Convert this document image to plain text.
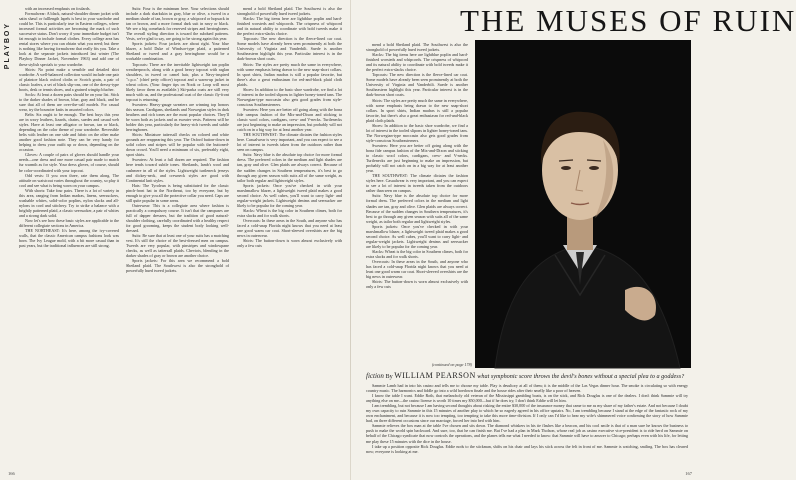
PLAYBOY

with an increased emphasis on foulards.

Formalwear: A black, natural-shoulder dinner jacket with satin shawl or fulllength lapels is best in your wardrobe and could be. This is particularly true in Eastern colleges, where increased formal activities are becoming the mark of such successive status. Don't worry if your immediate budget isn't fat enough to include formal clothes. Every college area has rental stores where you can obtain what you need; but there is nothing like having formalwear that really fits you. Take a look at the separate jackets introduced last winter (The Playboy Dinner Jacket, November 1963) and add one of these stylish specials to your wardrobe.

Shirts: No point make a sensible and detailed shirt wardrobe. A well-balanced collection would include one pair of plaintoe black oxford cloths or Scotch grain, a pair of classic loafers, a set of black slip-ons, one of the dressy-type boots, desk or tennis shoes, and a grained wingtip blucher.

Socks: At least a dozen pairs should be on your list. Stick to the darker shades of brown, blue, gray and black, and be sure that all of them are over-the-calf models. For casual wear, try the bouncier knits in assorted colors.

Belts: Six ought to be enough. The best buys this year are in wavy leathers, lizards, chains, suedes and casual web styles. Have at least one alligator or brown, tan or black, depending on the color theme of your wardrobe. Reversible belts with leather on one side and fabric on the other make another good fashion note. They can be very handy for helping to dress your outfit up or down, depending on the occasion.

Gloves: A couple of pairs of gloves should handle your needs—one dress and one more casual pair made to match fur warmth as for style. Your dress gloves, of course, should be color-coordinated with your topcoat.

Odd vests: If you own three, rate them along. The attitude on waistcoat varies throughout the country, so play it cool and see what is being worn on your campus.

With shorts: Take four pairs. There is a lot of variety in this area, ranging from Indian madras, linens, seersuckers, washable whites, solid-color poplins, nylon slacks and all-nylons in cord and stitchery. Try to strike a balance with a brightly patterned plaid, a classic seersucker, a pair of whites and a strong dark solid.

Now let's see how these basic styles are applicable to the different collegiate sections in America.

THE NORTHEAST: It's here, among the ivy-covered walls, that the classic American campus fashions look was born. The Ivy League mold, with a bit more casual than in past years, but the traditional influences are still strong.

Suits: Four is the minimum here. Your selections should include a dark sharkskin in gray, blue or olive, a tweed in a medium shade of tan, brown or gray, a whipcord or hopsack in tan or brown, and a more formal dark suit in navy or black. We see a big comeback for reserved stripes and herringbones. The overall styling direction is toward the subdued patterns. Vests, we're glad to say, are going to be strong again this year.

Sports jackets: Four jackets are about right. Your blue blazer, a bold Duke of Windsor-type plaid, a patterned Shetland or tweed and a gray herringbone would be a workable combination.

Topcoats: There are the inevitable lightweight tan poplin weatherproofs, along with a good heavy topcoat with raglan shoulders, in tweed or camel hair, plus a Navy-inspired "c.p.o." (chief petty officer) topcoat and a warm-up jacket in wheat colors. (Your finger tips on Nook or Loop will most likely favor them as available.) Ski-parka coats are still very much with us, and the professional coat of the classic fly-front topcoat is returning.

Sweaters: Heavy-gauge sweaters are winning top honors this season. Cardigans, shetlands and Norwegian styles in dark heathers and rich tones are the most popular choices. They'll be worn both as jackets and as sweater vests. Patterns will be bolder this year, particularly the heavy-rich tweeds and subtle herringbones.

Shirts: Miniature tattersall checks on colored and white grounds are reappearing this year. The Oxford button-down in solid colors and stripes will be popular with the buttoned-down crowd. You'll need a minimum of six, preferably eight, sport shirts.

Sweaters: At least a full dozen are required. The fashion here tends toward subtle tones. Shetlands, lamb's wool and cashmere in all of the styles. Lightweight turtleneck jerseys and dickey-neck, and crewneck styles are good with Continental knit styles.

Hats: The Tyrolean is being substituted for the classic pinch-front hat in the Northeast, too by everyone, but by enough to give you all the protective collar you need. Caps are still quite popular in some areas.

Outerwear: This is a collegiate area where fashion is practically a compulsory course. It isn't that the campuses are full of dapper dressers, but the tradition of good natural-shoulder clothing, carefully coordinated with a healthy respect for good grooming, keeps the student body looking well-dressed.

Suits: Be sure that at least one of your suits has a matching vest. It's still the choice of the best-dressed men on campus. Tweeds are very popular, with pinstripes and windowpane checks, as well as tattersall plaids. Cheviots, blending in the darker shades of gray or brown are another choice.

Sports jackets: For this area we recommend a bold Shetland plaid. The Southwest is also the stronghold of powerfully hued tweed jackets.

mend a bold Shetland plaid. The Southwest is also the stronghold of powerfully hued tweed jackets.

Slacks: The big items here are lightblue poplin and hard-finished worsteds and whipcords. The crispness of whipcord and its natural ability to coordinate with bold tweeds make it the perfect extra-slacks choice.

Topcoats: The new direction is the fleece-lined car coat. Some models have already been seen prominently at both the University of Virginia and Vanderbilt. Suede is another Southeastern highlight this year. Particular interest is in the dark-brown short coats.

Shirts: The styles are pretty much the same in everywhere, with some emphasis being drawn to the new snap-short collars. In sport shirts, Indian madras is still a popular favorite, but there's also a great enthusiasm for red-and-black plaid cloth plaids.

Shoes: In addition to the basic shoe wardrobe, we find a lot of interest in the tooled slipons in lighter honey-toned tans. The Norwegian-type moccasin also gets good grades from style-conscious Southeasterners.

Sweaters: Here you are better off going along with the bona fide campus fashion of the Mix-and-Dixon and sticking to classic wool colors, cardigans, crew- and V-necks. Turtlenecks are just beginning to make an impression, but probably will not catch on in a big way for at least another year.

THE SOUTHWEST: The climate dictates the fashion styles here. Casualwear is very important, and you can expect to see a lot of interest in tweeds taken from the outdoors rather than seen on campus.

Suits: Navy blue is the absolute top choice for more formal dress. The preferred colors in the medium and light shades are tan, gray and olive. Glen plaids are always correct. Because of the sudden changes in Southern temperatures, it's best to go through any given season with suits all of the same weight, as tailor both regular and lightweight styles.

Sports jackets: Once you've checked in with your marshmallow blazer, a lightweight tweed plaid makes a good second choice. As well cubes, you'll want to carry light- and regular-weight jackets. Lightweight denims and seersucker are likely to be popular for the coming year.

Slacks: Wheat is the big color in Southern climes, both for extra slacks and for walk shorts.

Overcoats: In these areas in the South, and anyone who has faced a cold-snap Florida night knows that you need at least one good warm car coat. Short-sleeved overshirts are the big news in outerwear.

Shirts: The button-down is worn almost exclusively with only a few cuts

THE MUSES OF RUIN

mend a bold Shetland plaid. The Southwest is also the stronghold of powerfully hued tweed jackets.

Slacks: The big items here are lightblue poplin and hard-finished worsteds and whipcords. The crispness of whipcord and its natural ability to coordinate with bold tweeds make it the perfect extra-slacks choice.

Topcoats: The new direction is the fleece-lined car coat. Some models have already been seen prominently at both the University of Virginia and Vanderbilt. Suede is another Southeastern highlight this year. Particular interest is in the dark-brown short coats.

Shirts: The styles are pretty much the same in everywhere, with some emphasis being drawn to the new snap-short collars. In sport shirts, Indian madras is still a popular favorite, but there's also a great enthusiasm for red-and-black plaid cloth plaids.

Shoes: In addition to the basic shoe wardrobe, we find a lot of interest in the tooled slipons in lighter honey-toned tans. The Norwegian-type moccasin also gets good grades from style-conscious Southeasterners.

Sweaters: Here you are better off going along with the bona fide campus fashion of the Mix-and-Dixon and sticking to classic wool colors, cardigans, crew- and V-necks. Turtlenecks are just beginning to make an impression, but probably will not catch on in a big way for at least another year.

THE SOUTHWEST: The climate dictates the fashion styles here. Casualwear is very important, and you can expect to see a lot of interest in tweeds taken from the outdoors rather than seen on campus.

Suits: Navy blue is the absolute top choice for more formal dress. The preferred colors in the medium and light shades are tan, gray and olive. Glen plaids are always correct. Because of the sudden changes in Southern temperatures, it's best to go through any given season with suits all of the same weight, as tailor both regular and lightweight styles.

Sports jackets: Once you've checked in with your marshmallow blazer, a lightweight tweed plaid makes a good second choice. As well cubes, you'll want to carry light- and regular-weight jackets. Lightweight denims and seersucker are likely to be popular for the coming year.

Slacks: Wheat is the big color in Southern climes, both for extra slacks and for walk shorts.

Overcoats: In these areas in the South, and anyone who has faced a cold-snap Florida night knows that you need at least one good warm car coat. Short-sleeved overshirts are the big news in outerwear.

Shirts: The button-down is worn almost exclusively with only a few cuts

(continued on page 178)
fiction By WILLIAM PEARSON what symphonic score throws the devil's bones without a special plea to a goddess?

Sammie Lamb had in into his casino and tells me to choose my table. Play is desultory at all of them; it is the middle of the Las Vegas dinner hour. The smoke is circulating so with energy country music. The harmonics and fiddle go into a wild hoedown finale and the house rides after their smelly like a poor of heaven.

I know the table I want. Eddie Roth, that melancholy old veteran of the Mississippi gambling boats, is on the stick, and Rick Douglas is one of the dealers. I don't think Sammie will try anything else on me—the casino license is worth 10 times my $50,000—but if he does try, I don't think Eddie will let him.

I am trembling, but not because I am having second thoughts about risking the entire $30,000 of the insurance money that came to me as my share of my father's estate. And not because I doubt my own capacity to ruin Sammie in this 15 minutes of another play to which he so eagerly agreed in his office upstairs. No, I am trembling because I stand at the edge of the fantastic rock of my own enchantment, and because it is now too tempting, too tempting to take this more time-division. If I only can I'd like to hear my wife's shimmered voice confirming the story of how Sammie had, on three different occasions since our marriage, forced her into bed with him.

Sammie relieves the box man at the table I've chosen and sits down. The diamond whiskers in his tie flashes like a beacon, and his cool smile is that of a man sure he knows the business to push to make the world spin backward. And sure, too, that he can finish me. But I've had a plan in Mark Tholson, whose real job as casino executive vice-president is to ride herd on Sammie on behalf of the Chicago syndicate that now controls the operations, and the planes tells me what I needed to know: that Sammie will have to answer to Chicago; perhaps even with his life, for letting me play these 15 minutes with the dice in the house.

I take up a position opposite Rick Douglas. Eddie nods to the stickman, shifts on his chair and lays his stick across the felt in front of me. Sammie is watching, smiling. The box has cleared now; everyone is looking at me.

166	167
